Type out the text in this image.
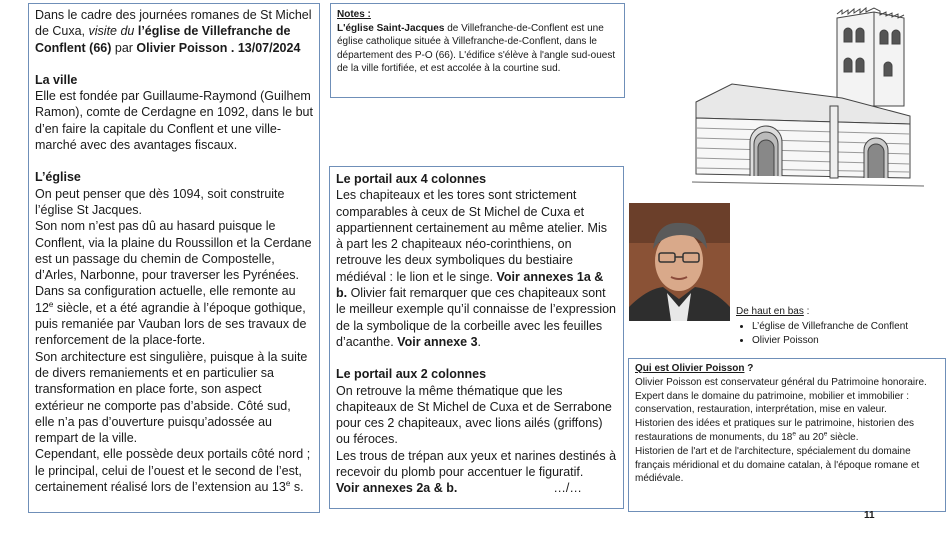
Dans le cadre des journées romanes de St Michel de Cuxa, visite du l’église de Villefranche de Conflent (66) par Olivier Poisson . 13/07/2024

La ville

Elle est fondée par Guillaume-Raymond (Guilhem Ramon), comte de Cerdagne en 1092, dans le but d’en faire la capitale du Conflent et une ville-marché avec des avantages fiscaux.

L’église

On peut penser que dès 1094, soit construite l’église St Jacques.

Son nom n’est pas dû au hasard puisque le Conflent, via la plaine du Roussillon et la Cerdane est un passage du chemin de Compostelle, d’Arles, Narbonne, pour traverser les Pyrénées.

Dans sa configuration actuelle, elle remonte au 12e siècle, et a été agrandie à l’époque gothique, puis remaniée par Vauban lors de ses travaux de renforcement de la place-forte.

Son architecture est singulière, puisque à la suite de divers remaniements et en particulier sa transformation en place forte, son aspect extérieur ne comporte pas d’abside. Côté sud, elle n’a pas d’ouverture puisqu’adossée au rempart de la ville.

Cependant, elle possède deux portails côté nord ; le principal, celui de l’ouest et le second de l’est, certainement réalisé lors de l’extension au 13e s.

Notes :

L'église Saint-Jacques de Villefranche-de-Conflent est une église catholique située à Villefranche-de-Conflent, dans le département des P-O (66). L'édifice s'élève à l'angle sud-ouest de la ville fortifiée, et est accolée à la courtine sud.

De haut en bas :

• L’église de Villefranche de Conflent
• Olivier Poisson

Le portail aux 4 colonnes

Les chapiteaux et les tores sont strictement comparables à ceux de St Michel de Cuxa et appartiennent certainement au même atelier. Mis à part les 2 chapiteaux néo-corinthiens, on retrouve les deux symboliques du bestiaire médiéval : le lion et le singe. Voir annexes 1a & b. Olivier fait remarquer que ces chapiteaux sont le meilleur exemple qu’il connaisse de l’expression de la symbolique de la corbeille avec les feuilles d’acanthe. Voir annexe 3.

Le portail aux 2 colonnes

On retrouve la même thématique que les chapiteaux de St Michel de Cuxa et de Serrabone pour ces 2 chapiteaux, avec lions ailés (griffons) ou féroces.

Les trous de trépan aux yeux et narines destinés à recevoir du plomb pour accentuer le figuratif.

Voir annexes 2a & b.	…/…

Qui est Olivier Poisson ?

Olivier Poisson est conservateur général du Patrimoine honoraire. Expert dans le domaine du patrimoine, mobilier et immobilier : conservation, restauration, interprétation, mise en valeur.

Historien des idées et pratiques sur le patrimoine, historien des restaurations de monuments, du 18e au 20e siècle.

Historien de l'art et de l'architecture, spécialement du domaine français méridional et du domaine catalan, à l'époque romane et médiévale.

11
